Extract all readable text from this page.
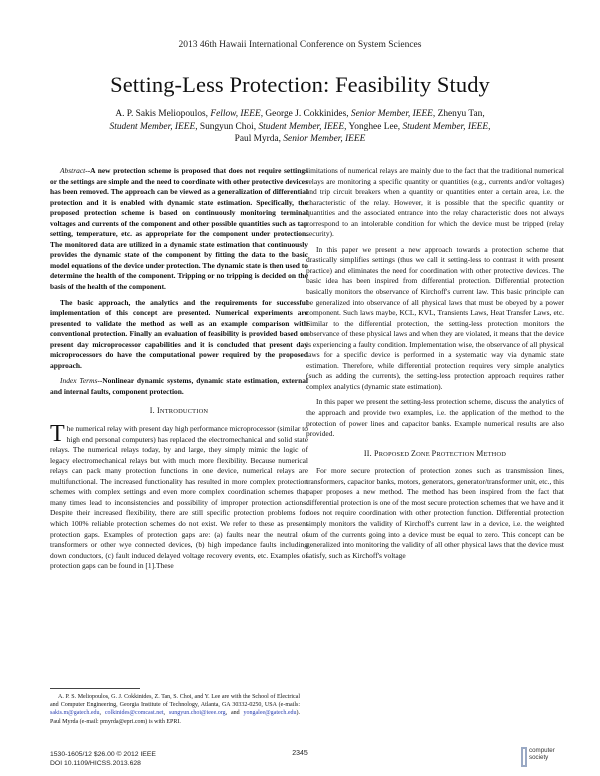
2013 46th Hawaii International Conference on System Sciences
Setting-Less Protection: Feasibility Study
A. P. Sakis Meliopoulos, Fellow, IEEE, George J. Cokkinides, Senior Member, IEEE, Zhenyu Tan,
Student Member, IEEE, Sungyun Choi, Student Member, IEEE, Yonghee Lee, Student Member, IEEE,
Paul Myrda, Senior Member, IEEE

Abstract--A new protection scheme is proposed that does not require settings or the settings are simple and the need to coordinate with other protective devices has been removed. The approach can be viewed as a generalization of differential protection and it is enabled with dynamic state estimation. Specifically, the proposed protection scheme is based on continuously monitoring terminal voltages and currents of the component and other possible quantities such as tap setting, temperature, etc. as appropriate for the component under protection. The monitored data are utilized in a dynamic state estimation that continuously provides the dynamic state of the component by fitting the data to the basic model equations of the device under protection. The dynamic state is then used to determine the health of the component. Tripping or no tripping is decided on the basis of the health of the component.

The basic approach, the analytics and the requirements for successful implementation of this concept are presented. Numerical experiments are presented to validate the method as well as an example comparison with conventional protection. Finally an evaluation of feasibility is provided based on present day microprocessor capabilities and it is concluded that present day microprocessors do have the computational power required by the proposed approach.

Index Terms--Nonlinear dynamic systems, dynamic state estimation, external and internal faults, component protection.

I. INTRODUCTION

The numerical relay with present day high performance microprocessor (similar to high end personal computers) has replaced the electromechanical and solid state relays. The numerical relays today, by and large, they simply mimic the logic of legacy electromechanical relays but with much more flexibility. Because numerical relays can pack many protection functions in one device, numerical relays are multifunctional. The increased functionality has resulted in more complex protection schemes with complex settings and even more complex coordination schemes that many times lead to inconsistencies and possibility of improper protection actions. Despite their increased flexibility, there are still specific protection problems for which 100% reliable protection schemes do not exist. We refer to these as present protection gaps. Examples of protection gaps are: (a) faults near the neutral of transformers or other wye connected devices, (b) high impedance faults including down conductors, (c) fault induced delayed voltage recovery events, etc. Examples of protection gaps can be found in [1].These

limitations of numerical relays are mainly due to the fact that the traditional numerical relays are monitoring a specific quantity or quantities (e.g., currents and/or voltages) and trip circuit breakers when a quantity or quantities enter a certain area, i.e. the characteristic of the relay. However, it is possible that the specific quantity or quantities and the associated entrance into the relay characteristic does not always correspond to an intolerable condition for which the device must be tripped (relay security).

In this paper we present a new approach towards a protection scheme that drastically simplifies settings (thus we call it setting-less to contrast it with present practice) and eliminates the need for coordination with other protective devices. The basic idea has been inspired from differential protection. Differential protection basically monitors the observance of Kirchoff's current law. This basic principle can be generalized into observance of all physical laws that must be obeyed by a power component. Such laws maybe, KCL, KVL, Transients Laws, Heat Transfer Laws, etc. Similar to the differential protection, the setting-less protection monitors the observance of these physical laws and when they are violated, it means that the device is experiencing a faulty condition. Implementation wise, the observance of all physical laws for a specific device is performed in a systematic way via dynamic state estimation. Therefore, while differential protection requires very simple analytics (such as adding the currents), the setting-less protection approach requires rather complex analytics (dynamic state estimation).

In this paper we present the setting-less protection scheme, discuss the analytics of the approach and provide two examples, i.e. the application of the method to the protection of power lines and capacitor banks. Example numerical results are also provided.

II. PROPOSED ZONE PROTECTION METHOD

For more secure protection of protection zones such as transmission lines, transformers, capacitor banks, motors, generators, generator/transformer unit, etc., this paper proposes a new method. The method has been inspired from the fact that differential protection is one of the most secure protection schemes that we have and it does not require coordination with other protection function. Differential protection simply monitors the validity of Kirchoff's current law in a device, i.e. the weighted sum of the currents going into a device must be equal to zero. This concept can be generalized into monitoring the validity of all other physical laws that the device must satisfy, such as Kirchoff's voltage

A. P. S. Meliopoulos, G. J. Cokkinides, Z. Tan, S. Choi, and Y. Lee are with the School of Electrical and Computer Engineering, Georgia Institute of Technology, Atlanta, GA 30332-0250, USA (e-mails: sakis.m@gatech.edu, colkinides@comcast.net, sungyun.choi@ieee.org, and yongalee@gatech.edu). Paul Myrda (e-mail: pmyrda@epri.com) is with EPRI.
1530-1605/12 $26.00 © 2012 IEEE
DOI 10.1109/HICSS.2013.628
2345	computer
society
